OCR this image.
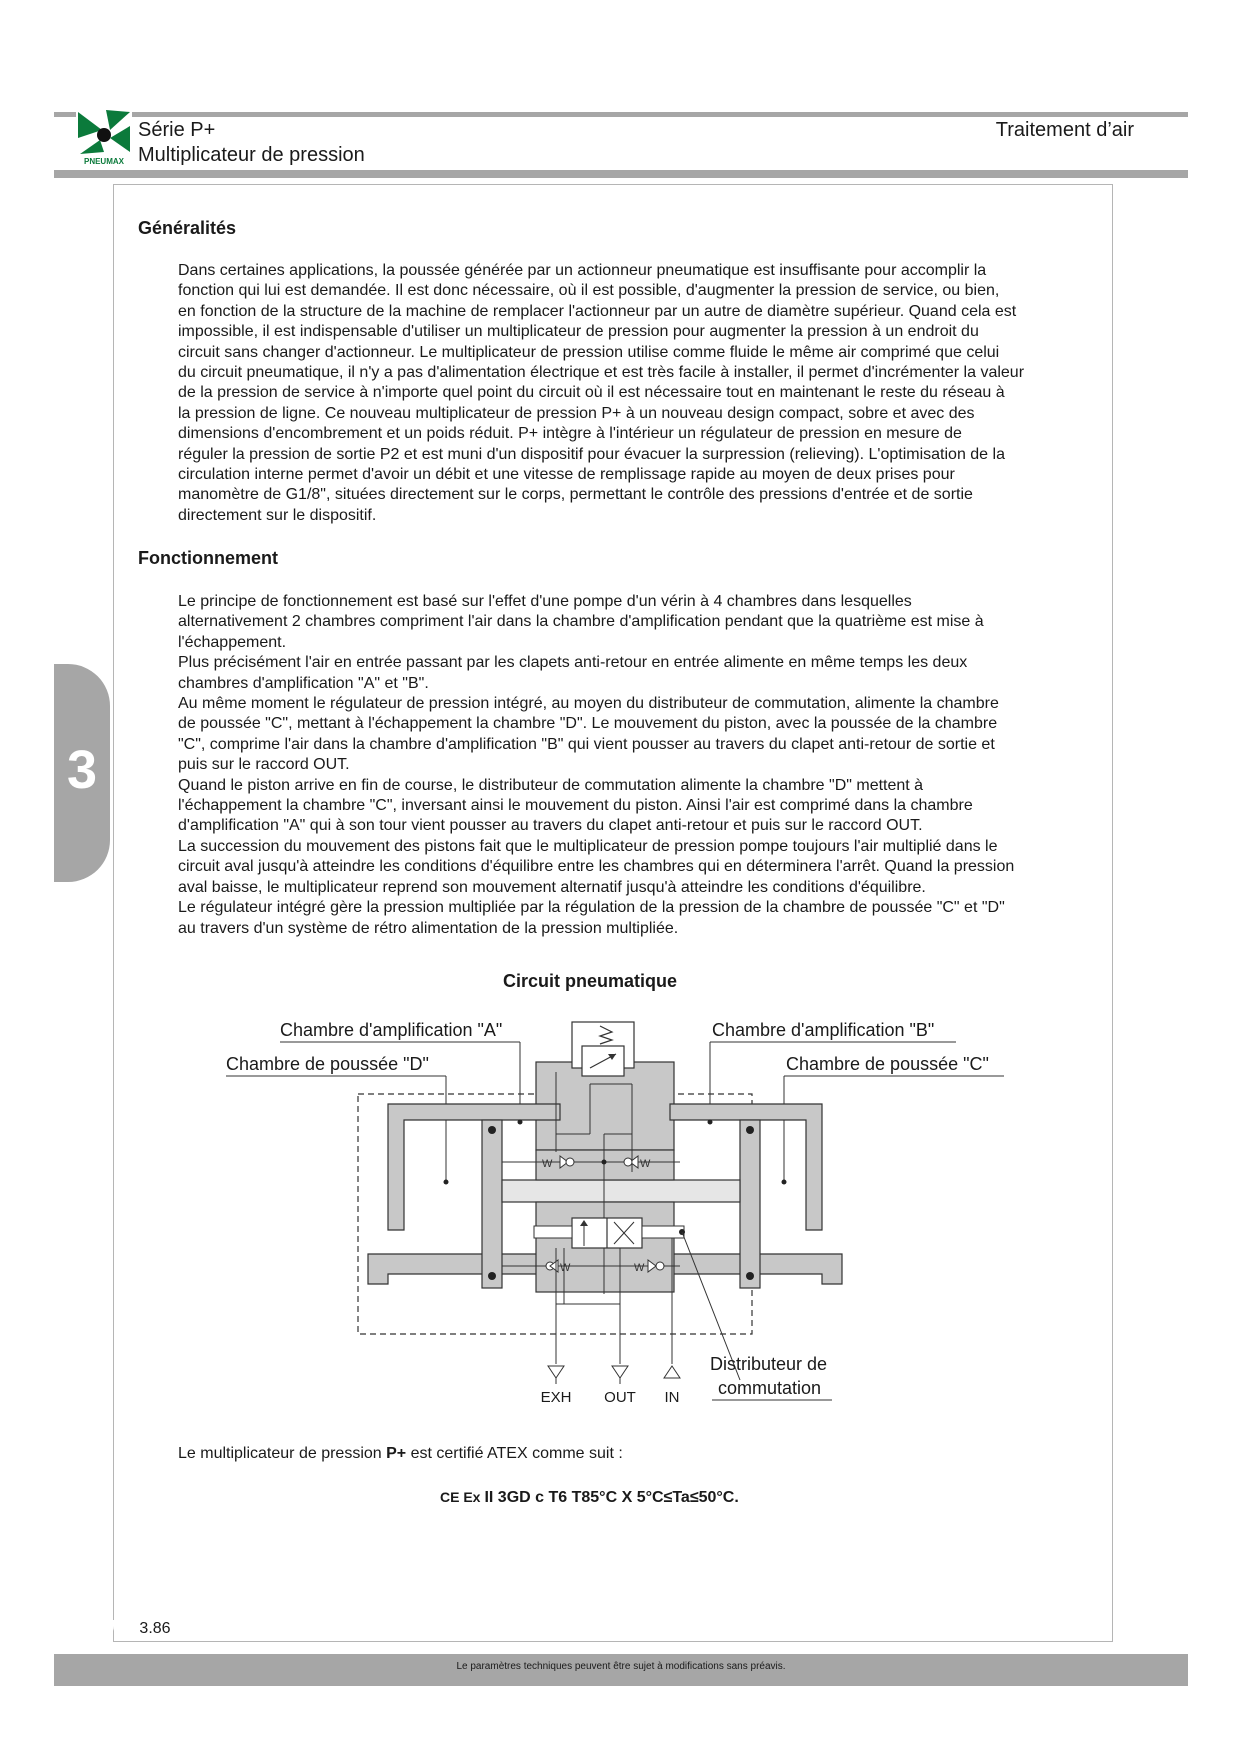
PNEUMAX
Série P+
Multiplicateur de pression
Traitement d’air
3
Généralités

Dans certaines applications, la poussée générée par un actionneur pneumatique est insuffisante pour accomplir la

fonction qui lui est demandée. Il est donc nécessaire, où il est possible, d'augmenter la pression de service, ou bien,

en fonction de la structure de la machine de remplacer l'actionneur par un autre de diamètre supérieur. Quand cela est

impossible, il est indispensable d'utiliser un multiplicateur de pression pour augmenter la pression à un endroit du

circuit sans changer d'actionneur. Le multiplicateur de pression utilise comme fluide le même air comprimé que celui

du circuit pneumatique, il n'y a pas d'alimentation électrique et est très facile à installer, il permet d'incrémenter la valeur

de la pression de service à n'importe quel point du circuit où il est nécessaire tout en maintenant le reste du réseau à

la pression de ligne. Ce nouveau multiplicateur de pression P+ à un nouveau design compact, sobre et avec des

dimensions d'encombrement et un poids réduit. P+ intègre à l'intérieur un régulateur de pression en mesure de

réguler la pression de sortie P2 et est muni d'un dispositif pour évacuer la surpression (relieving). L'optimisation de la

circulation interne permet d'avoir un débit et une vitesse de remplissage rapide au moyen de deux prises pour

manomètre de G1/8", situées directement sur le corps, permettant le contrôle des pressions d'entrée et de sortie

directement sur le dispositif.

Fonctionnement

Le principe de fonctionnement est basé sur l'effet d'une pompe d'un vérin à 4 chambres dans lesquelles

alternativement 2 chambres compriment l'air dans la chambre d'amplification pendant que la quatrième est mise à

l'échappement.

Plus précisément l'air en entrée passant par les clapets anti-retour en entrée alimente en même temps les deux

chambres d'amplification "A" et "B".

Au même moment le régulateur de pression intégré, au moyen du distributeur de commutation, alimente la chambre

de poussée "C", mettant à l'échappement la chambre "D". Le mouvement du piston, avec la poussée de la chambre

"C", comprime l'air dans la chambre d'amplification "B" qui vient pousser au travers du clapet anti-retour de sortie et

puis sur le raccord OUT.

Quand le piston arrive en fin de course, le distributeur de commutation alimente la chambre "D" mettent à

l'échappement la chambre "C", inversant ainsi le mouvement du piston. Ainsi l'air est comprimé dans la chambre

d'amplification "A" qui à son tour vient pousser au travers du clapet anti-retour et puis sur le raccord OUT.

La succession du mouvement des pistons fait que le multiplicateur de pression pompe toujours l'air multiplié dans le

circuit aval jusqu'à atteindre les conditions d'équilibre entre les chambres qui en déterminera l'arrêt. Quand la pression

aval baisse, le multiplicateur reprend son mouvement alternatif jusqu'à atteindre les conditions d'équilibre.

Le régulateur intégré gère la pression multipliée par la régulation de la pression de la chambre de poussée "C" et "D"

au travers d'un système de rétro alimentation de la pression multipliée.

Circuit pneumatique
Chambre d'amplification "A"
Chambre de poussée "D"
Chambre d'amplification "B"
Chambre de poussée "C"
W	W
W	W
EXH OUT IN
Distributeur de
commutation
Le multiplicateur de pression P+ est certifié ATEX comme suit :
CE Ex II 3GD c T6 T85°C X 5°C≤Ta≤50°C.
3.86
Le paramètres techniques peuvent être sujet à modifications sans préavis.
